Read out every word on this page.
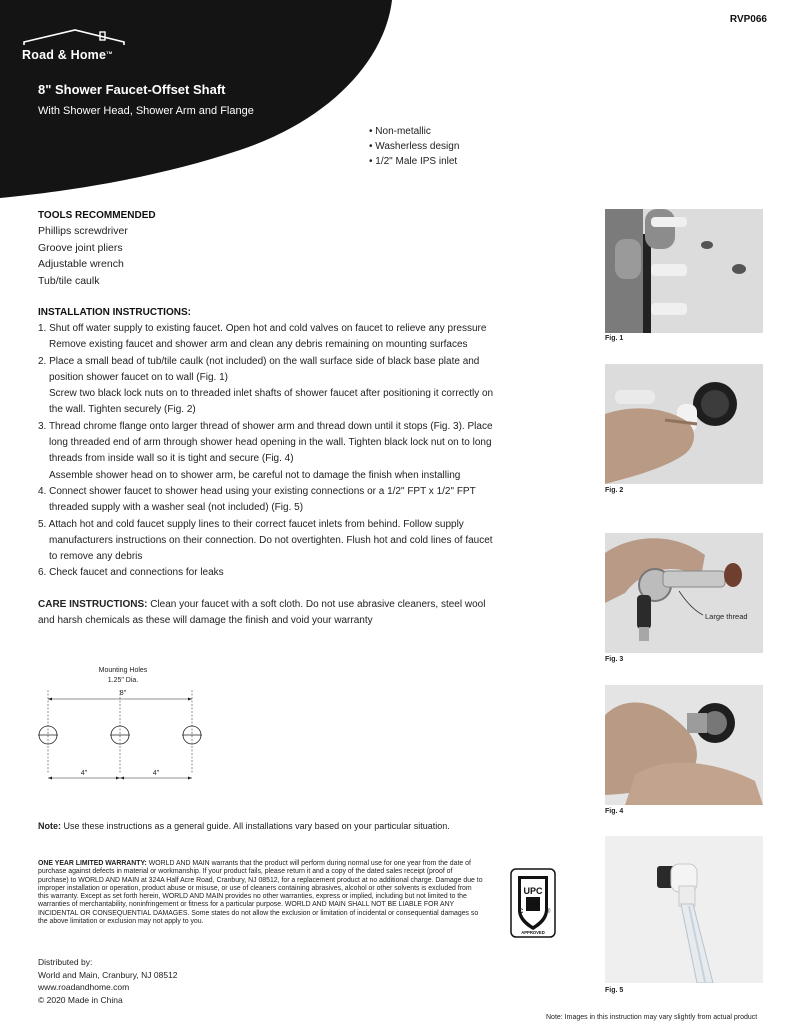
Road & Home™
RVP066
8" Shower Faucet-Offset Shaft
With Shower Head, Shower Arm and Flange
• Non-metallic
• Washerless design
• 1/2" Male IPS inlet
TOOLS RECOMMENDED
Phillips screwdriver
Groove joint pliers
Adjustable wrench
Tub/tile caulk
INSTALLATION INSTRUCTIONS:
1. Shut off water supply to existing faucet. Open hot and cold valves on faucet to relieve any pressure
Remove existing faucet and shower arm and clean any debris remaining on mounting surfaces
2. Place a small bead of tub/tile caulk (not included) on the wall surface side of black base plate and
position shower faucet on to wall (Fig. 1)
Screw two black lock nuts on to threaded inlet shafts of shower faucet after positioning it correctly on
the wall. Tighten securely (Fig. 2)
3. Thread chrome flange onto larger thread of shower arm and thread down until it stops (Fig. 3). Place
long threaded end of arm through shower head opening in the wall. Tighten black lock nut on to long
threads from inside wall so it is tight and secure (Fig. 4)
Assemble shower head on to shower arm, be careful not to damage the finish when installing
4. Connect shower faucet to shower head using your existing connections or a 1/2" FPT x 1/2" FPT
threaded supply with a washer seal (not included) (Fig. 5)
5. Attach hot and cold faucet supply lines to their correct faucet inlets from behind. Follow supply
manufacturers instructions on their connection. Do not overtighten. Flush hot and cold lines of faucet
to remove any debris
6. Check faucet and connections for leaks
CARE INSTRUCTIONS: Clean your faucet with a soft cloth. Do not use abrasive cleaners, steel wool and harsh chemicals as these will damage the finish and void your warranty
Mounting Holes
1.25" Dia.
8"
4"	4"
Note: Use these instructions as a general guide. All installations vary based on your particular situation.
ONE YEAR LIMITED WARRANTY: WORLD AND MAIN warrants that the product will perform during normal use for one year from the date of purchase against defects in material or workmanship. If your product fails, please return it and a copy of the dated sales receipt (proof of purchase) to WORLD AND MAIN at 324A Half Acre Road, Cranbury, NJ 08512, for a replacement product at no additional charge. Damage due to improper installation or operation, product abuse or misuse, or use of cleaners containing abrasives, alcohol or other solvents is excluded from this warranty. Except as set forth herein, WORLD AND MAIN provides no other warranties, express or implied, including but not limited to the warranties of merchantability, noninfringement or fitness for a particular purpose. WORLD AND MAIN SHALL NOT BE LIABLE FOR ANY INCIDENTAL OR CONSEQUENTIAL DAMAGES. Some states do not allow the exclusion or limitation of incidental or consequential damages so the above limitation or exclusion may not apply to you.
UPC
C	®
APPROVED
Distributed by:
World and Main, Cranbury, NJ 08512
www.roadandhome.com
© 2020 Made in China
Note: Images in this instruction may vary slightly from actual product
Fig. 1
Fig. 2
Large thread
Fig. 3
Fig. 4
Fig. 5
